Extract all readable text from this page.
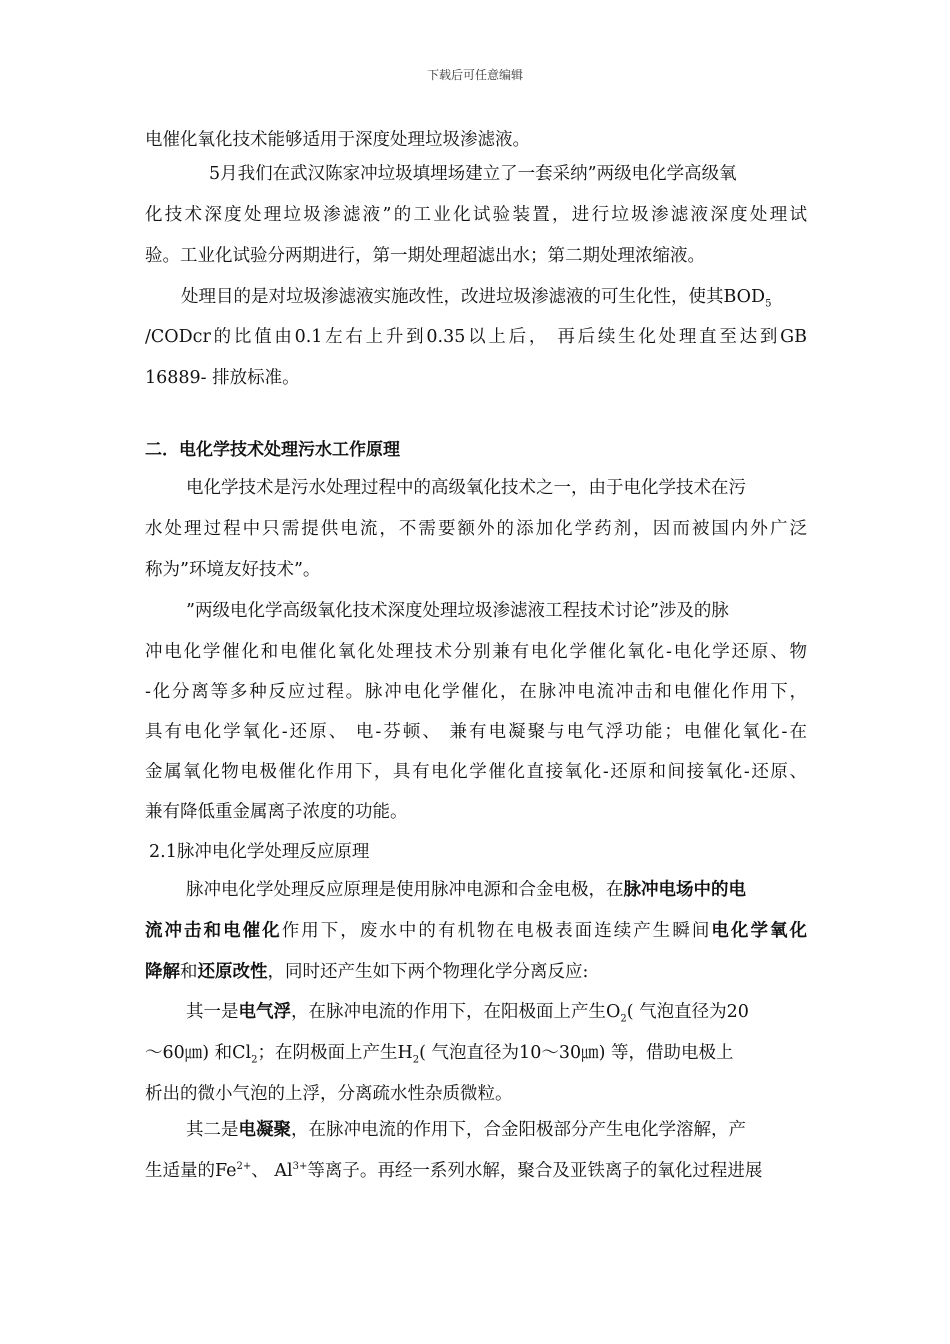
下载后可任意编辑
电催化氧化技术能够适用于深度处理垃圾渗滤液。
5月我们在武汉陈家冲垃圾填埋场建立了一套采纳”两级电化学高级氧
化技术深度处理垃圾渗滤液”的工业化试验装置，进行垃圾渗滤液深度处理试
验。工业化试验分两期进行，第一期处理超滤出水；第二期处理浓缩液。
处理目的是对垃圾渗滤液实施改性，改进垃圾渗滤液的可生化性，使其$BOD_5$
/CODcr的比值由0.1左右上升到0.35以上后， 再后续生化处理直至达到GB
16889- 排放标准。
二．电化学技术处理污水工作原理
电化学技术是污水处理过程中的高级氧化技术之一，由于电化学技术在污
水处理过程中只需提供电流，不需要额外的添加化学药剂，因而被国内外广泛
称为”环境友好技术”。
”两级电化学高级氧化技术深度处理垃圾渗滤液工程技术讨论”涉及的脉
冲电化学催化和电催化氧化处理技术分别兼有电化学催化氧化-电化学还原、物
-化分离等多种反应过程。脉冲电化学催化，在脉冲电流冲击和电催化作用下，
具有电化学氧化-还原、 电-芬顿、 兼有电凝聚与电气浮功能；电催化氧化-在
金属氧化物电极催化作用下，具有电化学催化直接氧化-还原和间接氧化-还原、
兼有降低重金属离子浓度的功能。
2.1脉冲电化学处理反应原理
脉冲电化学处理反应原理是使用脉冲电源和合金电极，在脉冲电场中的电
流冲击和电催化作用下，废水中的有机物在电极表面连续产生瞬间电化学氧化
降解和还原改性，同时还产生如下两个物理化学分离反应:
其一是电气浮，在脉冲电流的作用下，在阳极面上产生$O_2$( 气泡直径为20
～60㎛) 和$Cl_2$；在阴极面上产生$H_2$( 气泡直径为10～30㎛) 等，借助电极上
析出的微小气泡的上浮，分离疏水性杂质微粒。
其二是电凝聚，在脉冲电流的作用下，合金阳极部分产生电化学溶解，产
生适量的$Fe^{2+}$、 $Al^{3+}$等离子。再经一系列水解，聚合及亚铁离子的氧化过程进展
